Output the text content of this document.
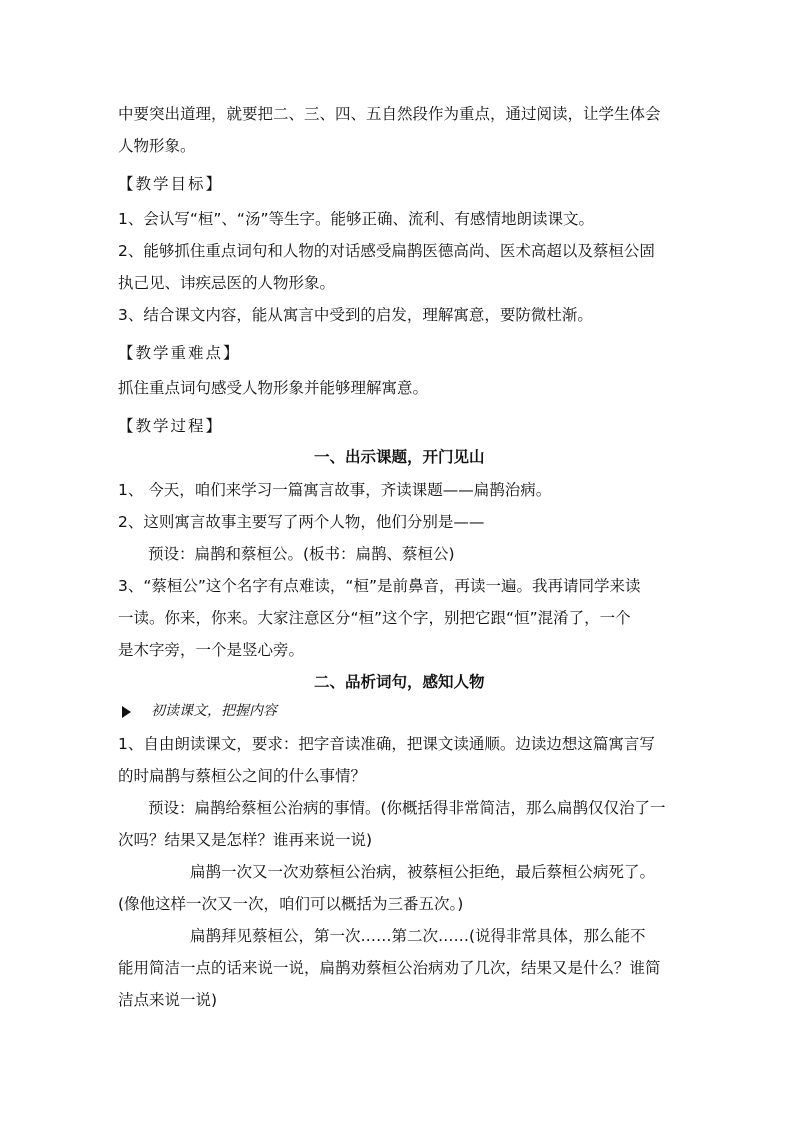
中要突出道理，就要把二、三、四、五自然段作为重点，通过阅读，让学生体会

人物形象。

【教学目标】

1、会认写“桓”、“汤”等生字。能够正确、流利、有感情地朗读课文。

2、能够抓住重点词句和人物的对话感受扁鹊医德高尚、医术高超以及蔡桓公固

执己见、讳疾忌医的人物形象。

3、结合课文内容，能从寓言中受到的启发，理解寓意，要防微杜渐。

【教学重难点】

抓住重点词句感受人物形象并能够理解寓意。

【教学过程】

一、出示课题，开门见山

1、 今天，咱们来学习一篇寓言故事，齐读课题——扁鹊治病。

2、这则寓言故事主要写了两个人物，他们分别是——

预设：扁鹊和蔡桓公。(板书：扁鹊、蔡桓公)

3、“蔡桓公”这个名字有点难读，“桓”是前鼻音，再读一遍。我再请同学来读

一读。你来，你来。大家注意区分“桓”这个字，别把它跟“恒”混淆了，一个

是木字旁，一个是竖心旁。

二、品析词句，感知人物

初读课文，把握内容

1、自由朗读课文，要求：把字音读准确，把课文读通顺。边读边想这篇寓言写

的时扁鹊与蔡桓公之间的什么事情？

预设：扁鹊给蔡桓公治病的事情。(你概括得非常简洁，那么扁鹊仅仅治了一

次吗？结果又是怎样？谁再来说一说)

扁鹊一次又一次劝蔡桓公治病，被蔡桓公拒绝，最后蔡桓公病死了。

(像他这样一次又一次，咱们可以概括为三番五次。)

扁鹊拜见蔡桓公，第一次……第二次……(说得非常具体，那么能不

能用简洁一点的话来说一说，扁鹊劝蔡桓公治病劝了几次，结果又是什么？谁简

洁点来说一说)
